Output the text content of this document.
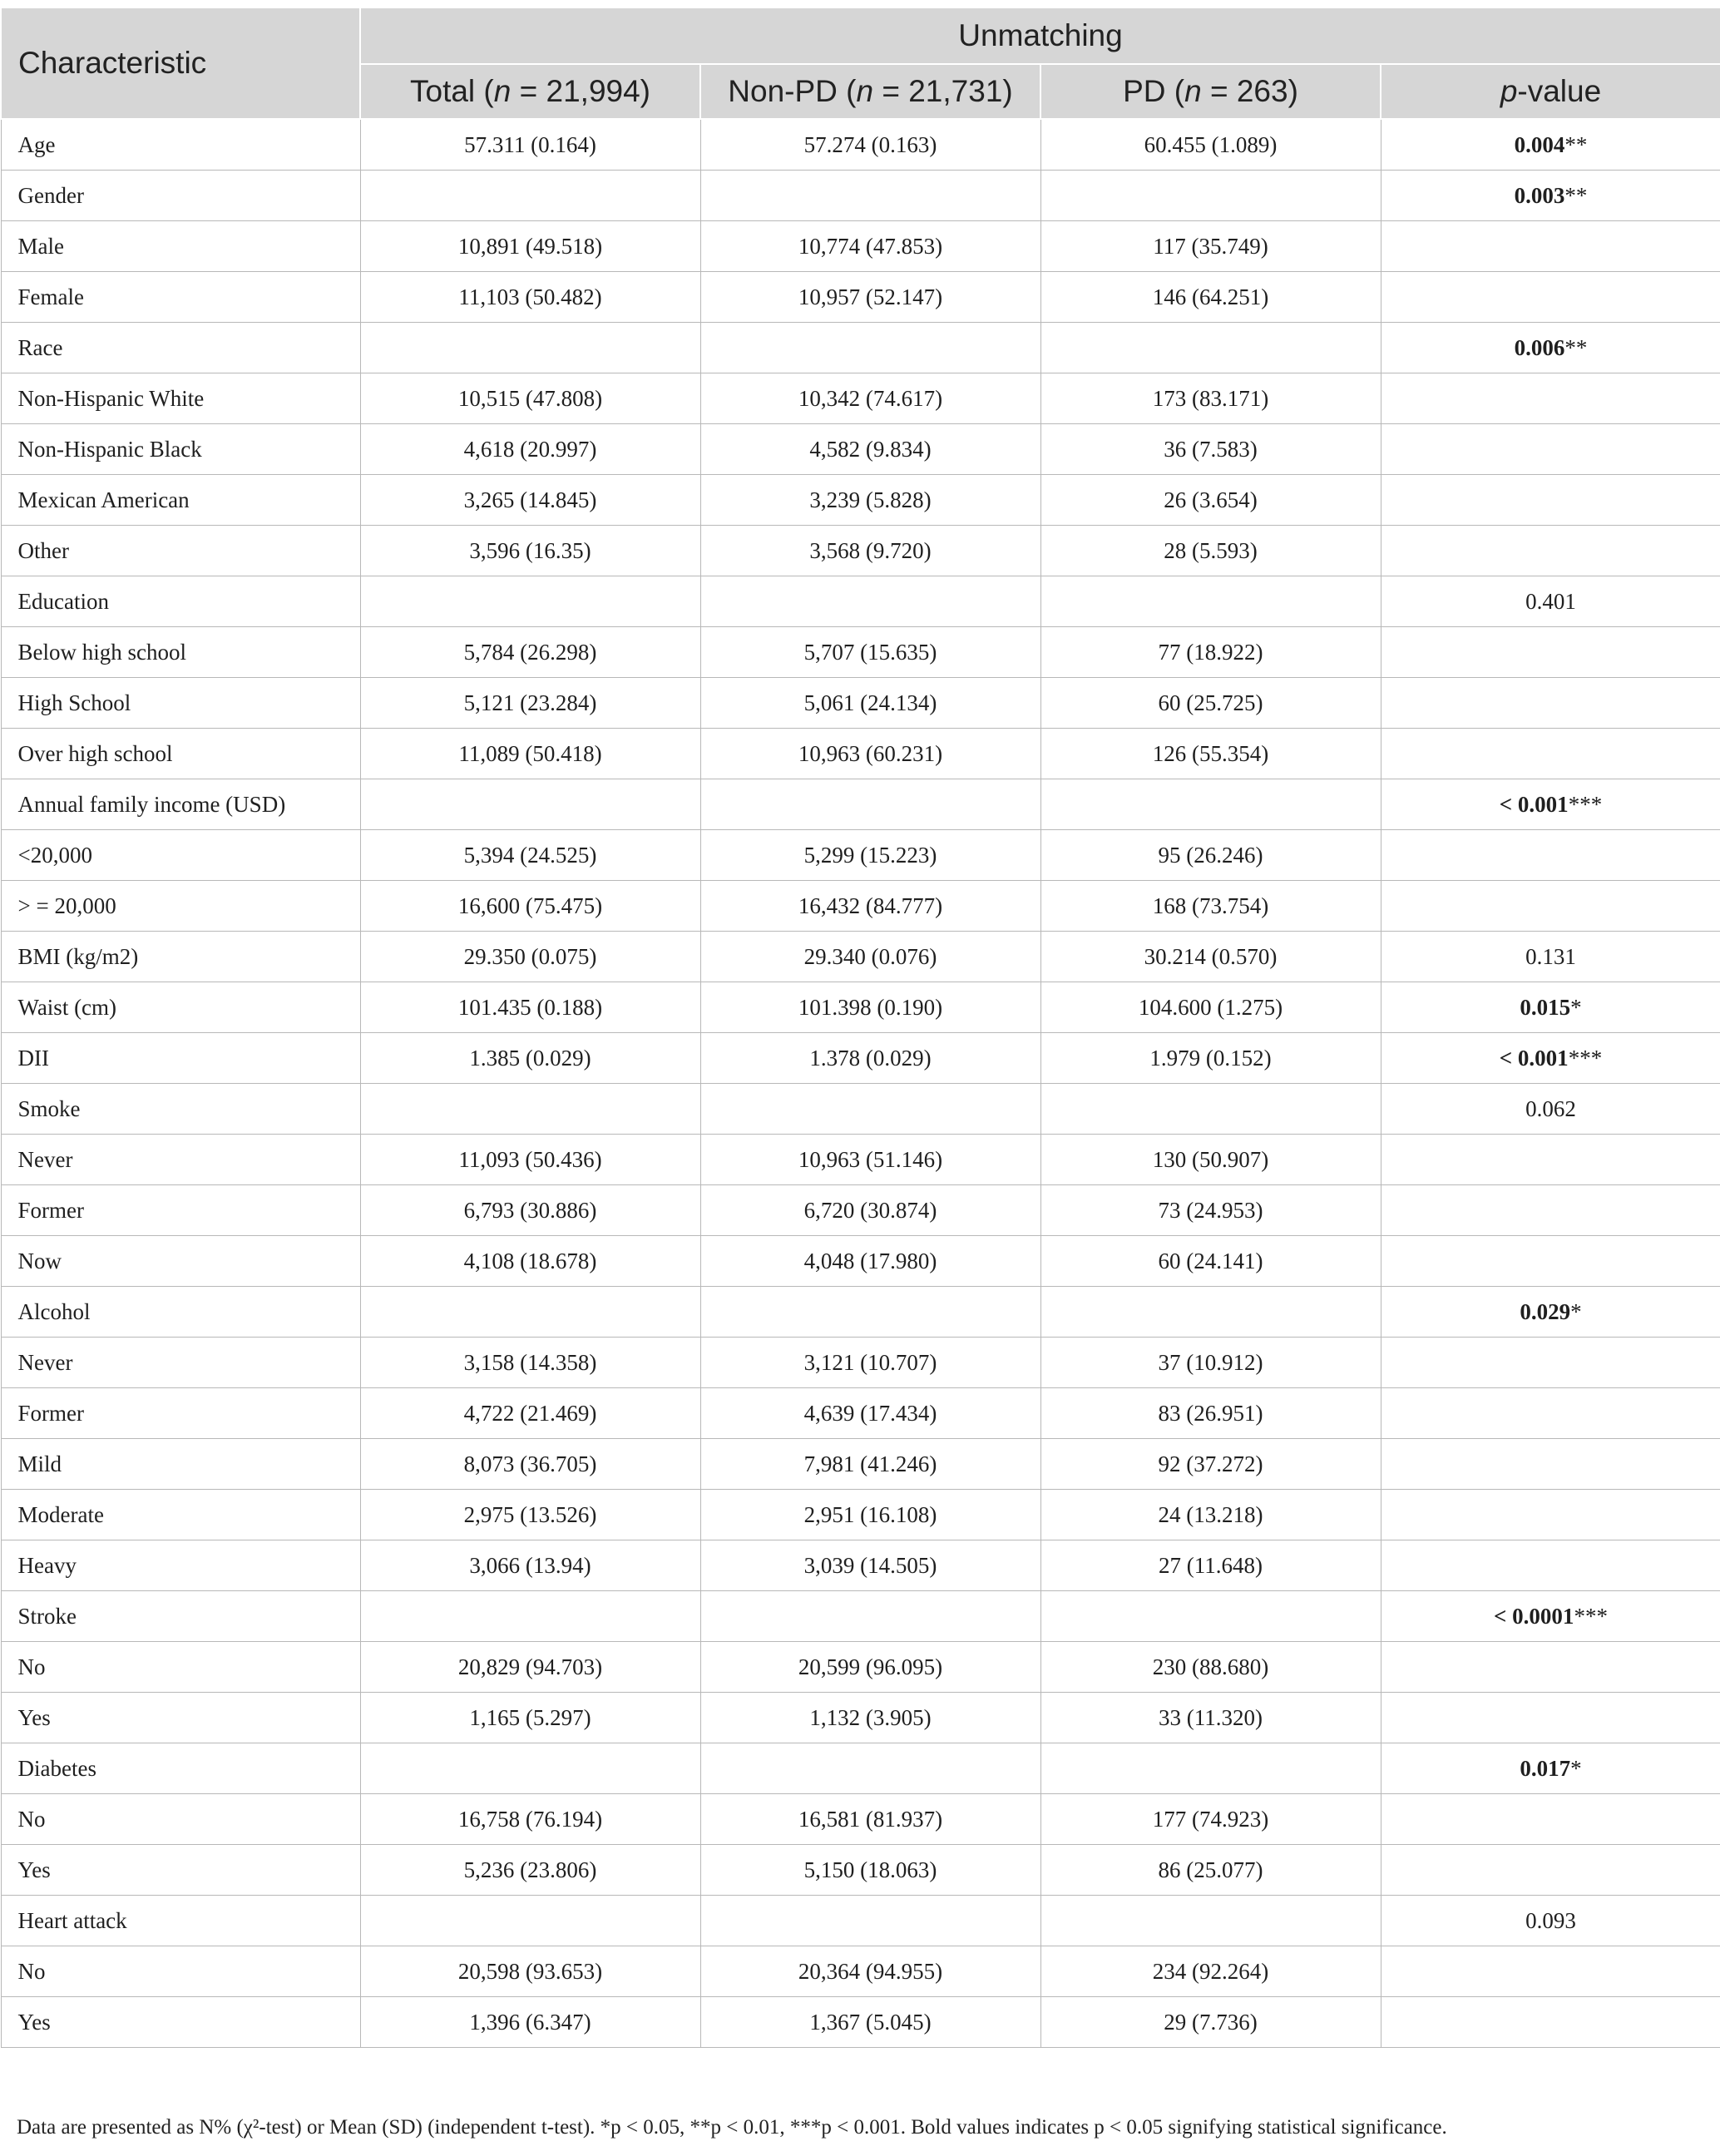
Characteristic	Unmatching			
	Total (n = 21,994)	Non-PD (n = 21,731)	PD (n = 263)	p-value
Age	57.311 (0.164)	57.274 (0.163)	60.455 (1.089)	0.004**
Gender				0.003**
Male	10,891 (49.518)	10,774 (47.853)	117 (35.749)	
Female	11,103 (50.482)	10,957 (52.147)	146 (64.251)	
Race				0.006**
Non-Hispanic White	10,515 (47.808)	10,342 (74.617)	173 (83.171)	
Non-Hispanic Black	4,618 (20.997)	4,582 (9.834)	36 (7.583)	
Mexican American	3,265 (14.845)	3,239 (5.828)	26 (3.654)	
Other	3,596 (16.35)	3,568 (9.720)	28 (5.593)	
Education				0.401
Below high school	5,784 (26.298)	5,707 (15.635)	77 (18.922)	
High School	5,121 (23.284)	5,061 (24.134)	60 (25.725)	
Over high school	11,089 (50.418)	10,963 (60.231)	126 (55.354)	
Annual family income (USD)				< 0.001***
<20,000	5,394 (24.525)	5,299 (15.223)	95 (26.246)	
> = 20,000	16,600 (75.475)	16,432 (84.777)	168 (73.754)	
BMI (kg/m2)	29.350 (0.075)	29.340 (0.076)	30.214 (0.570)	0.131
Waist (cm)	101.435 (0.188)	101.398 (0.190)	104.600 (1.275)	0.015*
DII	1.385 (0.029)	1.378 (0.029)	1.979 (0.152)	< 0.001***
Smoke				0.062
Never	11,093 (50.436)	10,963 (51.146)	130 (50.907)	
Former	6,793 (30.886)	6,720 (30.874)	73 (24.953)	
Now	4,108 (18.678)	4,048 (17.980)	60 (24.141)	
Alcohol				0.029*
Never	3,158 (14.358)	3,121 (10.707)	37 (10.912)	
Former	4,722 (21.469)	4,639 (17.434)	83 (26.951)	
Mild	8,073 (36.705)	7,981 (41.246)	92 (37.272)	
Moderate	2,975 (13.526)	2,951 (16.108)	24 (13.218)	
Heavy	3,066 (13.94)	3,039 (14.505)	27 (11.648)	
Stroke				< 0.0001***
No	20,829 (94.703)	20,599 (96.095)	230 (88.680)	
Yes	1,165 (5.297)	1,132 (3.905)	33 (11.320)	
Diabetes				0.017*
No	16,758 (76.194)	16,581 (81.937)	177 (74.923)	
Yes	5,236 (23.806)	5,150 (18.063)	86 (25.077)	
Heart attack				0.093
No	20,598 (93.653)	20,364 (94.955)	234 (92.264)	
Yes	1,396 (6.347)	1,367 (5.045)	29 (7.736)	
Data are presented as N% (χ²-test) or Mean (SD) (independent t-test). *p < 0.05, **p < 0.01, ***p < 0.001. Bold values indicates p < 0.05 signifying statistical significance.
